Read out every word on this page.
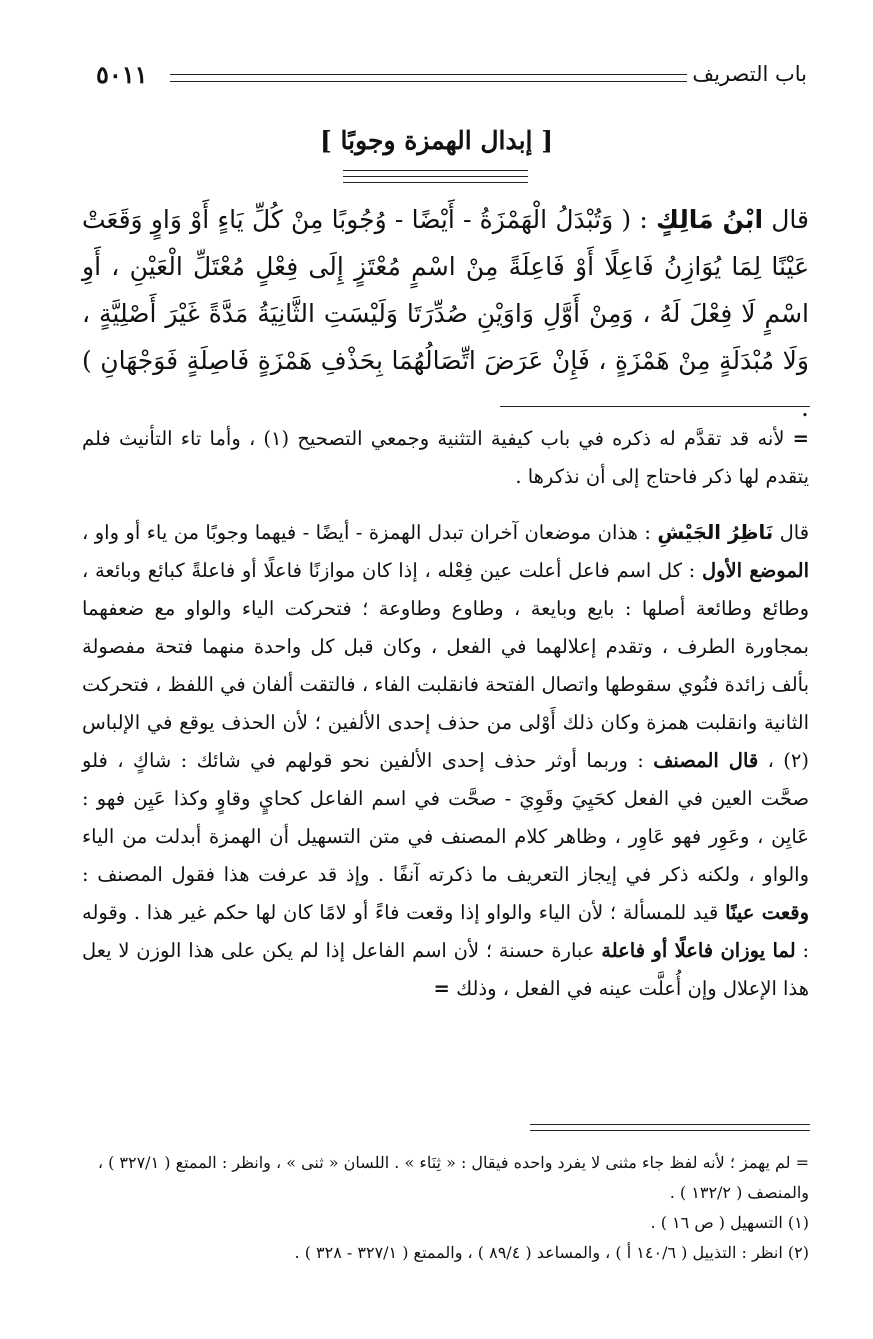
باب التصريف
٥٠١١
[ إبدال الهمزة وجوبًا ]
قال ابْنُ مَالِكٍ : ( وَتُبْدَلُ الْهَمْزَةُ - أَيْضًا - وُجُوبًا مِنْ كُلِّ يَاءٍ أَوْ وَاوٍ وَقَعَتْ عَيْنًا لِمَا يُوَازِنُ فَاعِلًا أَوْ فَاعِلَةً مِنْ اسْمٍ مُعْتَزٍ إِلَى فِعْلٍ مُعْتَلِّ الْعَيْنِ ، أَوِ اسْمٍ لَا فِعْلَ لَهُ ، وَمِنْ أَوَّلِ وَاوَيْنِ صُدِّرَتَا وَلَيْسَتِ الثَّانِيَةُ مَدَّةً غَيْرَ أَصْلِيَّةٍ ، وَلَا مُبْدَلَةٍ مِنْ هَمْزَةٍ ، فَإِنْ عَرَضَ اتِّصَالُهُمَا بِحَذْفِ هَمْزَةٍ فَاصِلَةٍ فَوَجْهَانِ ) .
= لأنه قد تقدَّم له ذكره في باب كيفية التثنية وجمعي التصحيح (١) ، وأما تاء التأنيث فلم يتقدم لها ذكر فاحتاج إلى أن نذكرها .
قال نَاظِرُ الجَيْشِ : هذان موضعان آخران تبدل الهمزة - أيضًا - فيهما وجوبًا من ياء أو واو ، الموضع الأول : كل اسم فاعل أعلت عين فِعْله ، إذا كان موازنًا فاعلًا أو فاعلةً كبائع وبائعة ، وطائع وطائعة أصلها : بايع وبايعة ، وطاوع وطاوعة ؛ فتحركت الياء والواو مع ضعفهما بمجاورة الطرف ، وتقدم إعلالهما في الفعل ، وكان قبل كل واحدة منهما فتحة مفصولة بألف زائدة فنُوي سقوطها واتصال الفتحة فانقلبت الفاء ، فالتقت ألفان في اللفظ ، فتحركت الثانية وانقلبت همزة وكان ذلك أَوْلى من حذف إحدى الألفين ؛ لأن الحذف يوقع في الإلباس (٢) ، قال المصنف : وربما أوثر حذف إحدى الألفين نحو قولهم في شائك : شاكٍ ، فلو صحَّت العين في الفعل كحَيِيَ وقَوِيَ - صحَّت في اسم الفاعل كحايٍ وقاوٍ وكذا عَيِن فهو : عَايِن ، وعَوِر فهو عَاوِر ، وظاهر كلام المصنف في متن التسهيل أن الهمزة أبدلت من الياء والواو ، ولكنه ذكر في إيجاز التعريف ما ذكرته آنفًا . وإذ قد عرفت هذا فقول المصنف : وقعت عينًا قيد للمسألة ؛ لأن الياء والواو إذا وقعت فاءً أو لامًا كان لها حكم غير هذا . وقوله : لما يوزان فاعلًا أو فاعلة عبارة حسنة ؛ لأن اسم الفاعل إذا لم يكن على هذا الوزن لا يعل هذا الإعلال وإن أُعلَّت عينه في الفعل ، وذلك =
= لم يهمز ؛ لأنه لفظ جاء مثنى لا يفرد واحده فيقال : « ثِنَاء » . اللسان « ثنى » ، وانظر : الممتع ( ٣٢٧/١ ) ، والمنصف ( ١٣٢/٢ ) .
(١) التسهيل ( ص ١٦ ) .
(٢) انظر : التذييل ( ١٤٠/٦ أ ) ، والمساعد ( ٨٩/٤ ) ، والممتع ( ٣٢٧/١ - ٣٢٨ ) .
